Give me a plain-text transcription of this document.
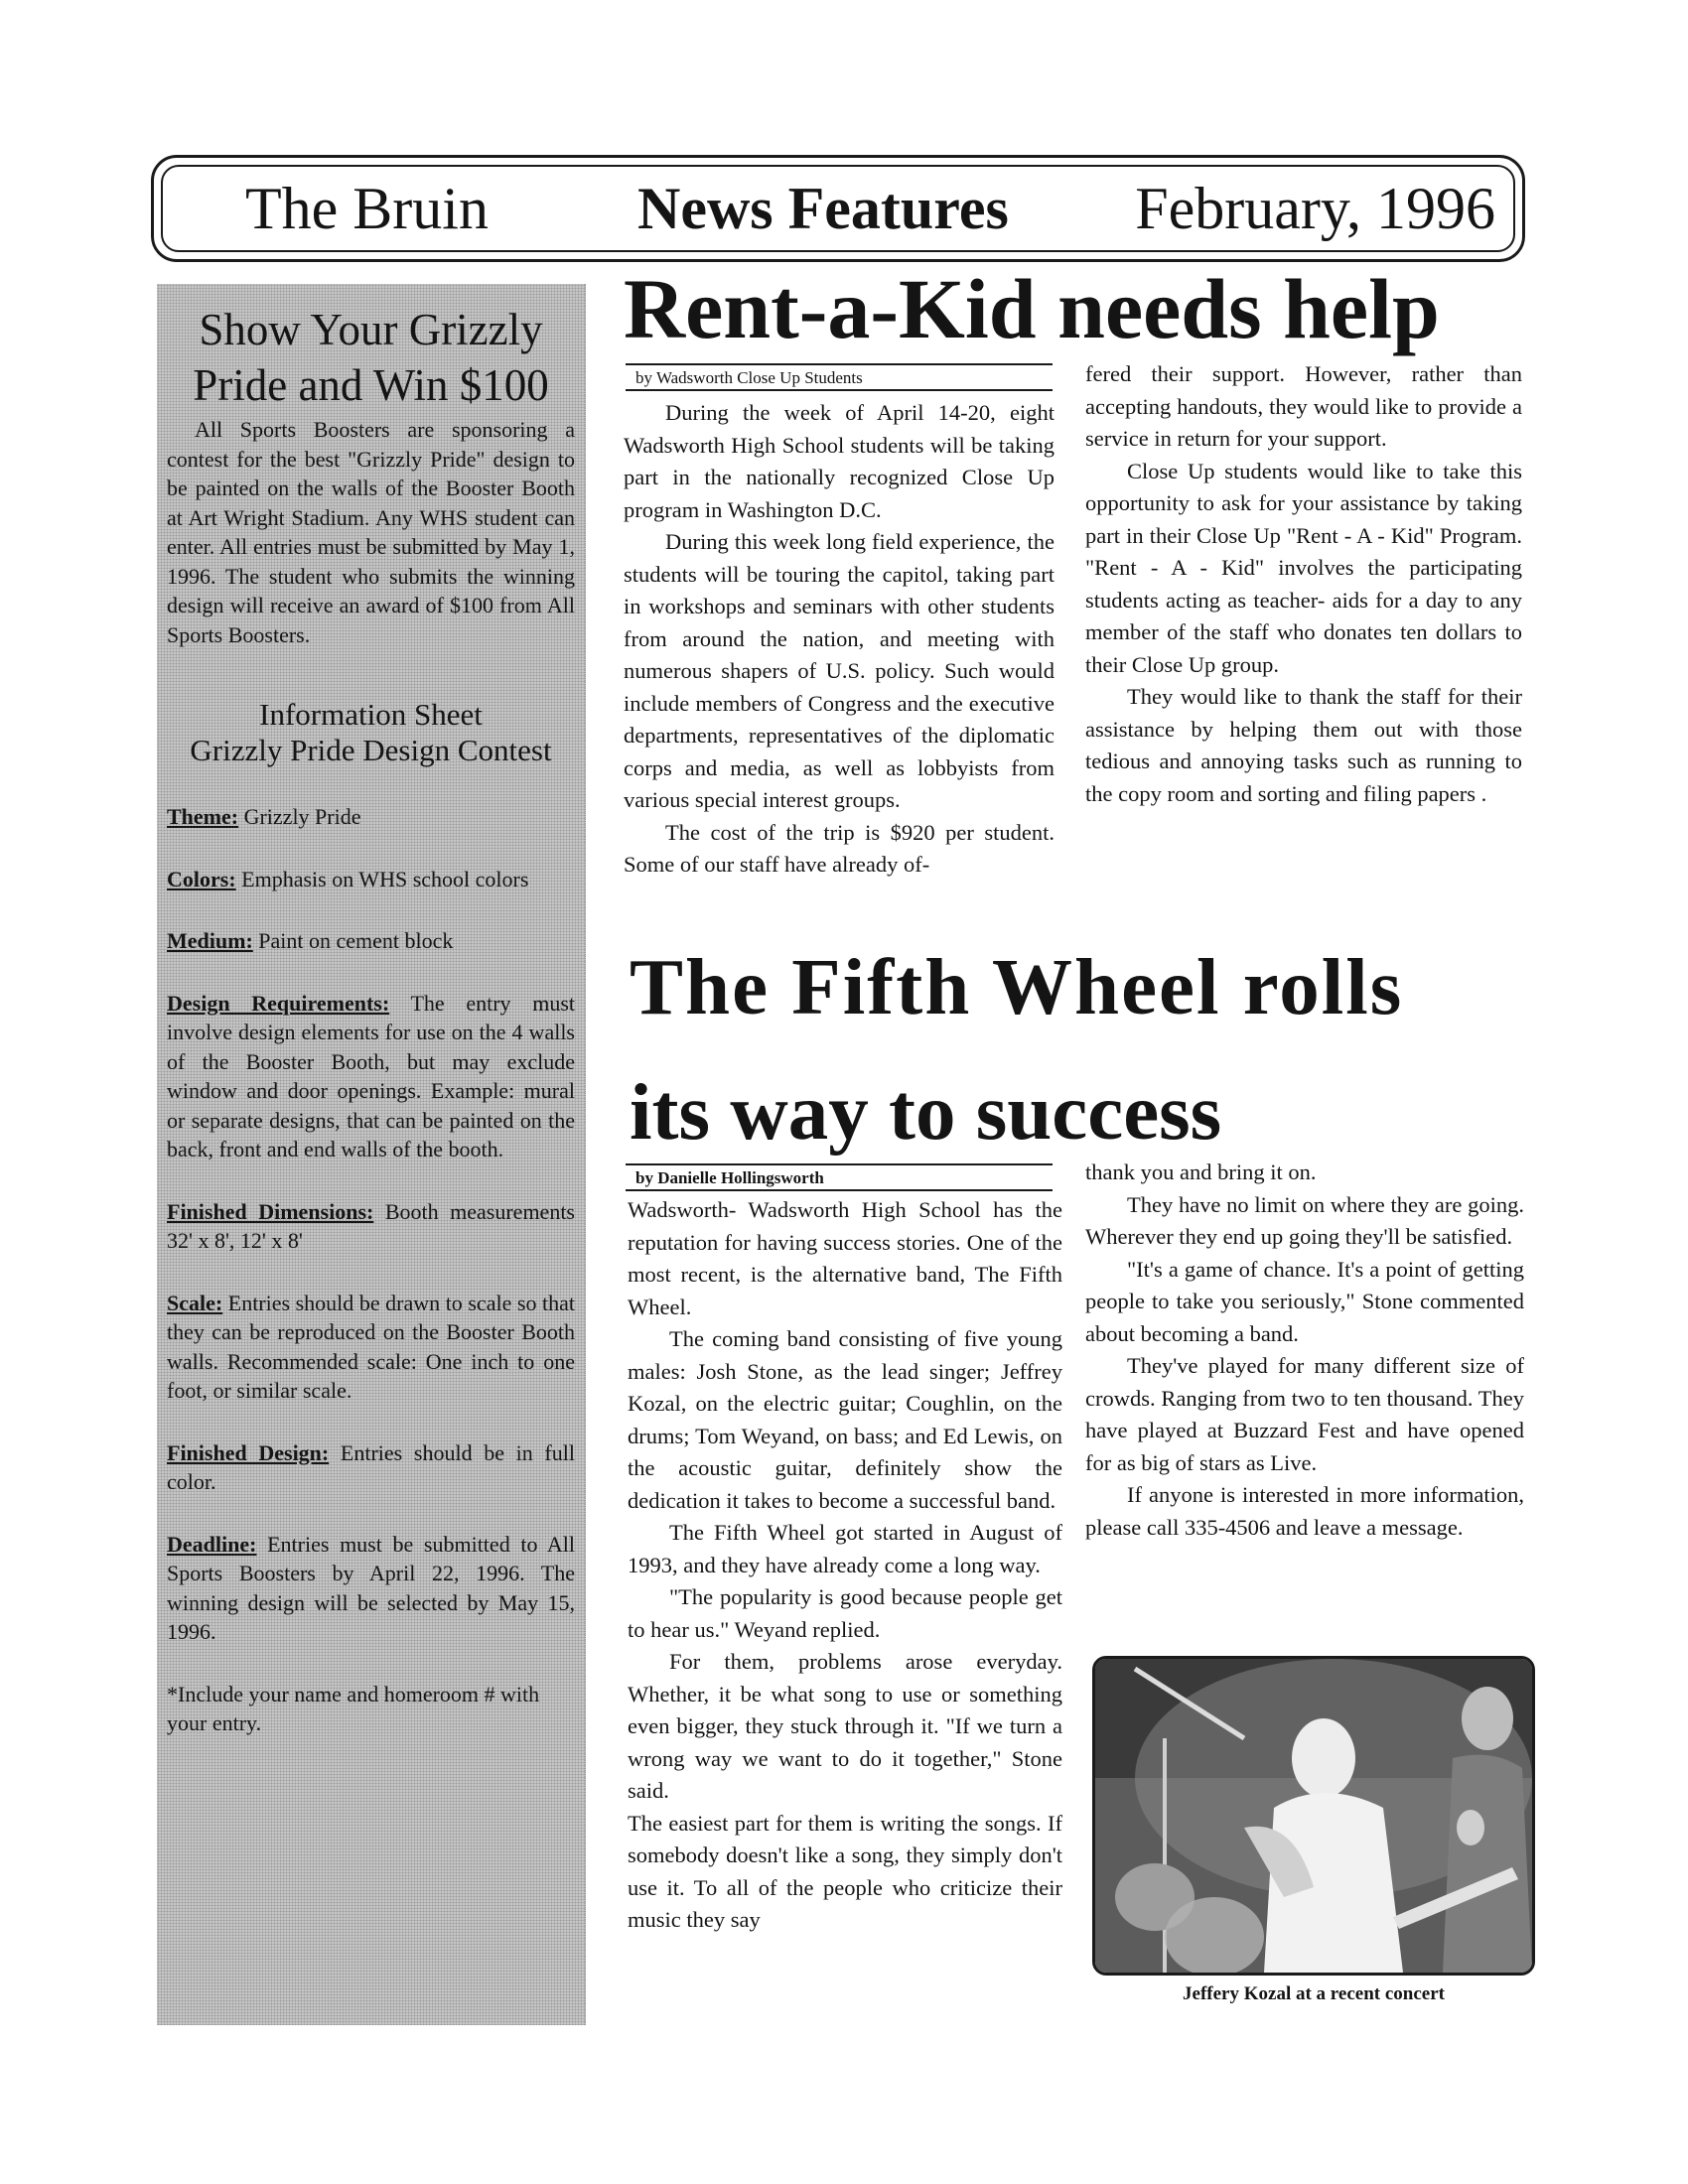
The Bruin	News Features February, 1996
Show Your Grizzly Pride and Win $100

All Sports Boosters are sponsoring a contest for the best "Grizzly Pride" design to be painted on the walls of the Booster Booth at Art Wright Stadium. Any WHS student can enter. All entries must be submitted by May 1, 1996. The student who submits the winning design will receive an award of $100 from All Sports Boosters.

Information Sheet
Grizzly Pride Design Contest

Theme: Grizzly Pride

Colors: Emphasis on WHS school colors

Medium: Paint on cement block

Design Requirements: The entry must involve design elements for use on the 4 walls of the Booster Booth, but may exclude window and door openings. Example: mural or separate designs, that can be painted on the back, front and end walls of the booth.

Finished Dimensions: Booth measurements 32' x 8', 12' x 8'

Scale: Entries should be drawn to scale so that they can be reproduced on the Booster Booth walls. Recommended scale: One inch to one foot, or similar scale.

Finished Design: Entries should be in full color.

Deadline: Entries must be submitted to All Sports Boosters by April 22, 1996. The winning design will be selected by May 15, 1996.

*Include your name and homeroom # with your entry.

Rent-a-Kid needs help
by Wadsworth Close Up Students

During the week of April 14-20, eight Wadsworth High School students will be taking part in the nationally recognized Close Up program in Washington D.C.

During this week long field experience, the students will be touring the capitol, taking part in workshops and seminars with other students from around the nation, and meeting with numerous shapers of U.S. policy. Such would include members of Congress and the executive departments, representatives of the diplomatic corps and media, as well as lobbyists from various special interest groups.

The cost of the trip is $920 per student. Some of our staff have already of-

fered their support. However, rather than accepting handouts, they would like to provide a service in return for your support.

Close Up students would like to take this opportunity to ask for your assistance by taking part in their Close Up "Rent - A - Kid" Program. "Rent - A - Kid" involves the participating students acting as teacher- aids for a day to any member of the staff who donates ten dollars to their Close Up group.

They would like to thank the staff for their assistance by helping them out with those tedious and annoying tasks such as running to the copy room and sorting and filing papers .

The Fifth Wheel rolls
its way to success
by Danielle Hollingsworth

Wadsworth- Wadsworth High School has the reputation for having success stories. One of the most recent, is the alternative band, The Fifth Wheel.

The coming band consisting of five young males: Josh Stone, as the lead singer; Jeffrey Kozal, on the electric guitar; Coughlin, on the drums; Tom Weyand, on bass; and Ed Lewis, on the acoustic guitar, definitely show the dedication it takes to become a successful band.

The Fifth Wheel got started in August of 1993, and they have already come a long way.

"The popularity is good because people get to hear us." Weyand replied.

For them, problems arose everyday. Whether, it be what song to use or something even bigger, they stuck through it. "If we turn a wrong way we want to do it together," Stone said.

The easiest part for them is writing the songs. If somebody doesn't like a song, they simply don't use it. To all of the people who criticize their music they say

thank you and bring it on.

They have no limit on where they are going. Wherever they end up going they'll be satisfied.

"It's a game of chance. It's a point of getting people to take you seriously," Stone commented about becoming a band.

They've played for many different size of crowds. Ranging from two to ten thousand. They have played at Buzzard Fest and have opened for as big of stars as Live.

If anyone is interested in more information, please call 335-4506 and leave a message.

Jeffery Kozal at a recent concert
